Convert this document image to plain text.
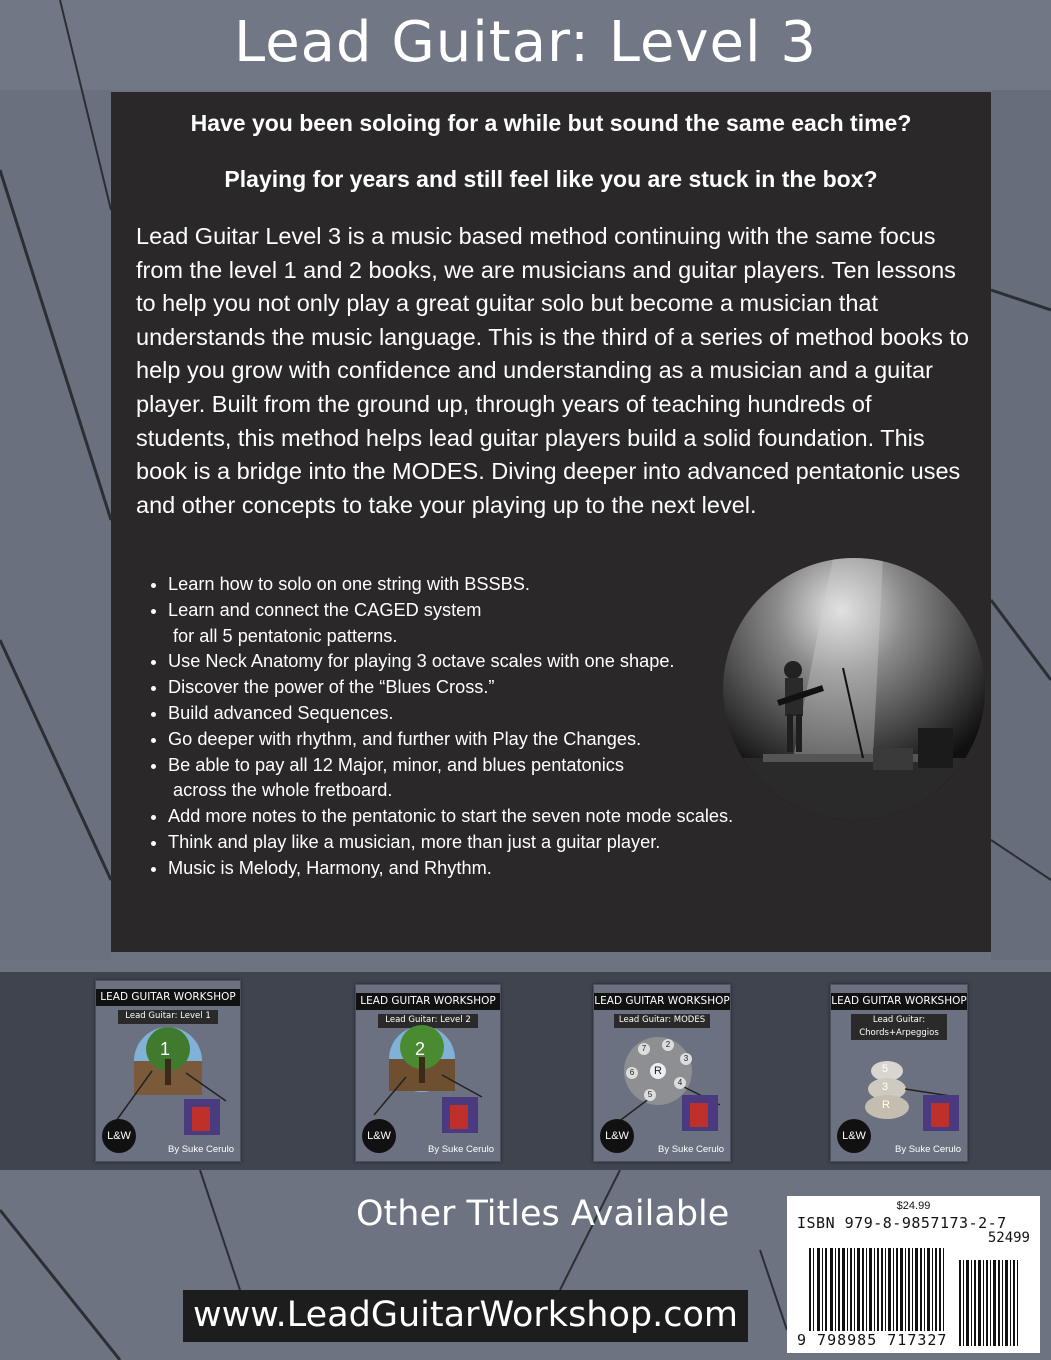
Lead Guitar: Level 3
Have you been soloing for a while but sound the same each time?
Playing for years and still feel like you are stuck in the box?

Lead Guitar Level 3 is a music based method continuing with the same focus from the level 1 and 2 books, we are musicians and guitar players. Ten lessons to help you not only play a great guitar solo but become a musician that understands the music language. This is the third of a series of method books to help you grow with confidence and understanding as a musician and a guitar player. Built from the ground up, through years of teaching hundreds of students, this method helps lead guitar players build a solid foundation. This book is a bridge into the MODES. Diving deeper into advanced pentatonic uses and other concepts to take your playing up to the next level.

• Learn how to solo on one string with BSSBS.
• Learn and connect the CAGED system
for all 5 pentatonic patterns.
• Use Neck Anatomy for playing 3 octave scales with one shape.
• Discover the power of the “Blues Cross.”
• Build advanced Sequences.
• Go deeper with rhythm, and further with Play the Changes.
• Be able to pay all 12 Major, minor, and blues pentatonics
across the whole fretboard.
• Add more notes to the pentatonic to start the seven note mode scales.
• Think and play like a musician, more than just a guitar player.
• Music is Melody, Harmony, and Rhythm.
LEAD GUITAR WORKSHOP
Lead Guitar: Level 1
L&W
1
By Suke Cerulo
LEAD GUITAR WORKSHOP
Lead Guitar: Level 2
L&W
2
By Suke Cerulo
LEAD GUITAR WORKSHOP
Lead Guitar: MODES
R
7	2
3
4
5
6
L&W
By Suke Cerulo
LEAD GUITAR WORKSHOP
Lead Guitar:
Chords+Arpeggios
5
3
R
L&W
By Suke Cerulo
Other Titles Available
www.LeadGuitarWorkshop.com
$24.99
ISBN 979-8-9857173-2-7
52499
9 798985 717327
